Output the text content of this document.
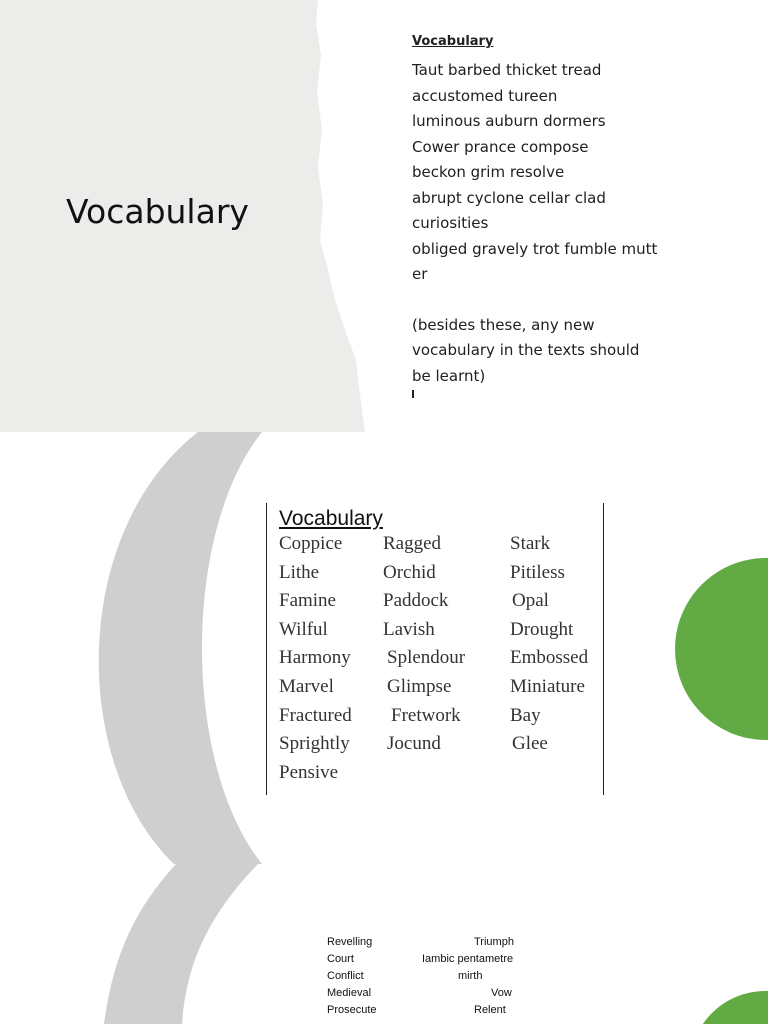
Vocabulary
Vocabulary
Taut barbed thicket tread
accustomed tureen
luminous auburn dormers
Cower prance compose
beckon grim resolve
abrupt cyclone cellar clad
curiosities
obliged gravely trot fumble mutt
er
(besides these, any new
vocabulary in the texts should
be learnt)
Vocabulary
Coppice
Lithe
Famine
Wilful
Harmony
Marvel
Fractured
Sprightly
Pensive
Ragged
Orchid
Paddock
Lavish
Splendour
Glimpse
Fretwork
Jocund
Stark
Pitiless
Opal
Drought
Embossed
Miniature
Bay
Glee
Revelling
Court
Conflict
Medieval
Prosecute
Triumph
Iambic pentametre
mirth
Vow
Relent
